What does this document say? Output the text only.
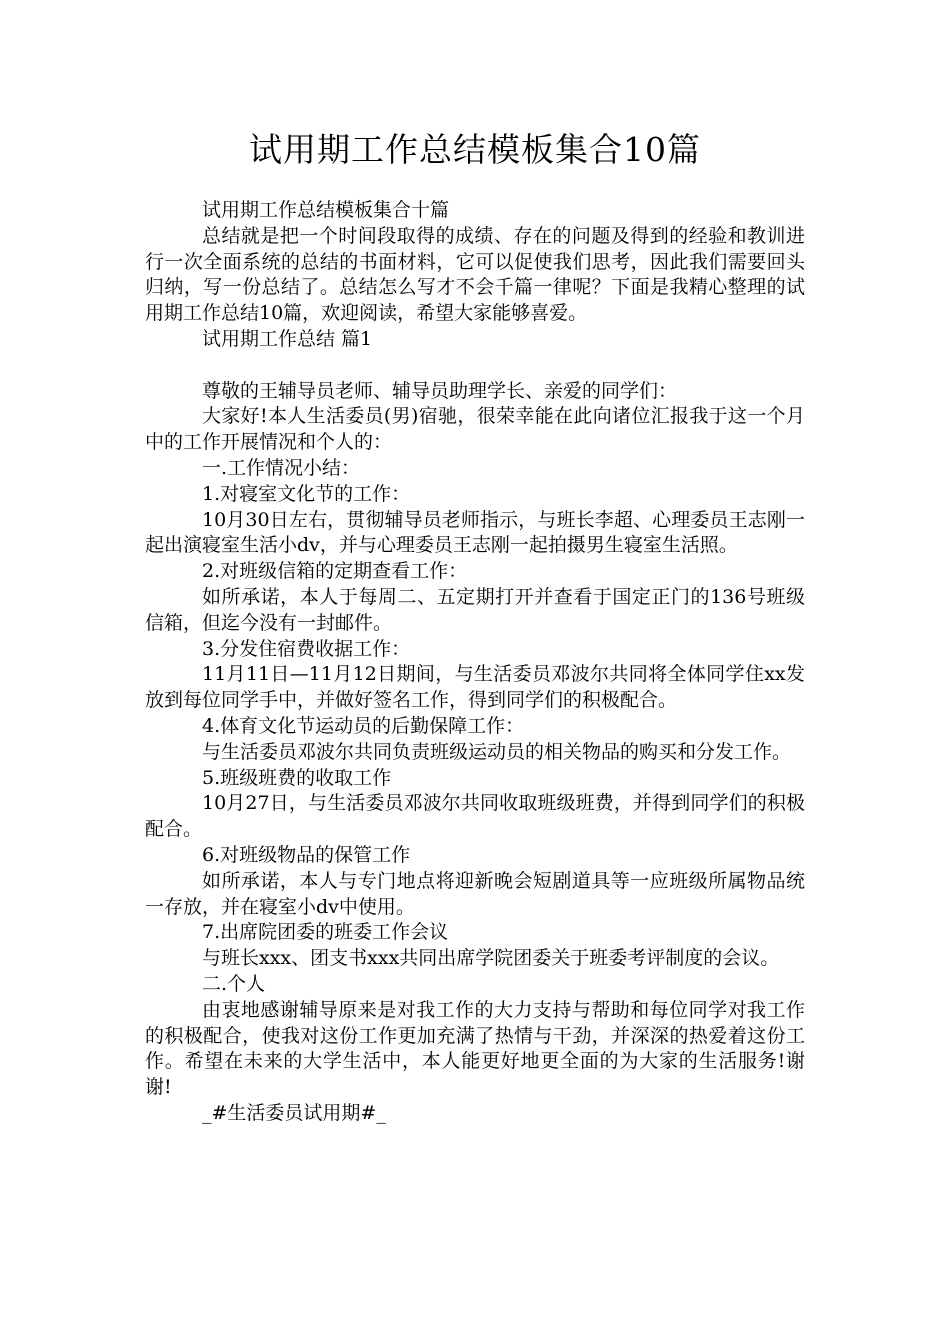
试用期工作总结模板集合10篇

试用期工作总结模板集合十篇

总结就是把一个时间段取得的成绩、存在的问题及得到的经验和教训进行一次全面系统的总结的书面材料，它可以促使我们思考，因此我们需要回头归纳，写一份总结了。总结怎么写才不会千篇一律呢？下面是我精心整理的试用期工作总结10篇，欢迎阅读，希望大家能够喜爱。

试用期工作总结 篇1

尊敬的王辅导员老师、辅导员助理学长、亲爱的同学们：

大家好!本人生活委员(男)宿驰，很荣幸能在此向诸位汇报我于这一个月中的工作开展情况和个人的：

一.工作情况小结：

1.对寝室文化节的工作：

10月30日左右，贯彻辅导员老师指示，与班长李超、心理委员王志刚一起出演寝室生活小dv，并与心理委员王志刚一起拍摄男生寝室生活照。

2.对班级信箱的定期查看工作：

如所承诺，本人于每周二、五定期打开并查看于国定正门的136号班级信箱，但迄今没有一封邮件。

3.分发住宿费收据工作：

11月11日—11月12日期间，与生活委员邓波尔共同将全体同学住xx发放到每位同学手中，并做好签名工作，得到同学们的积极配合。

4.体育文化节运动员的后勤保障工作：

与生活委员邓波尔共同负责班级运动员的相关物品的购买和分发工作。

5.班级班费的收取工作

10月27日，与生活委员邓波尔共同收取班级班费，并得到同学们的积极配合。

6.对班级物品的保管工作

如所承诺，本人与专门地点将迎新晚会短剧道具等一应班级所属物品统一存放，并在寝室小dv中使用。

7.出席院团委的班委工作会议

与班长xxx、团支书xxx共同出席学院团委关于班委考评制度的会议。

二.个人

由衷地感谢辅导原来是对我工作的大力支持与帮助和每位同学对我工作的积极配合，使我对这份工作更加充满了热情与干劲，并深深的热爱着这份工作。希望在未来的大学生活中，本人能更好地更全面的为大家的生活服务!谢谢!

_#生活委员试用期#_
